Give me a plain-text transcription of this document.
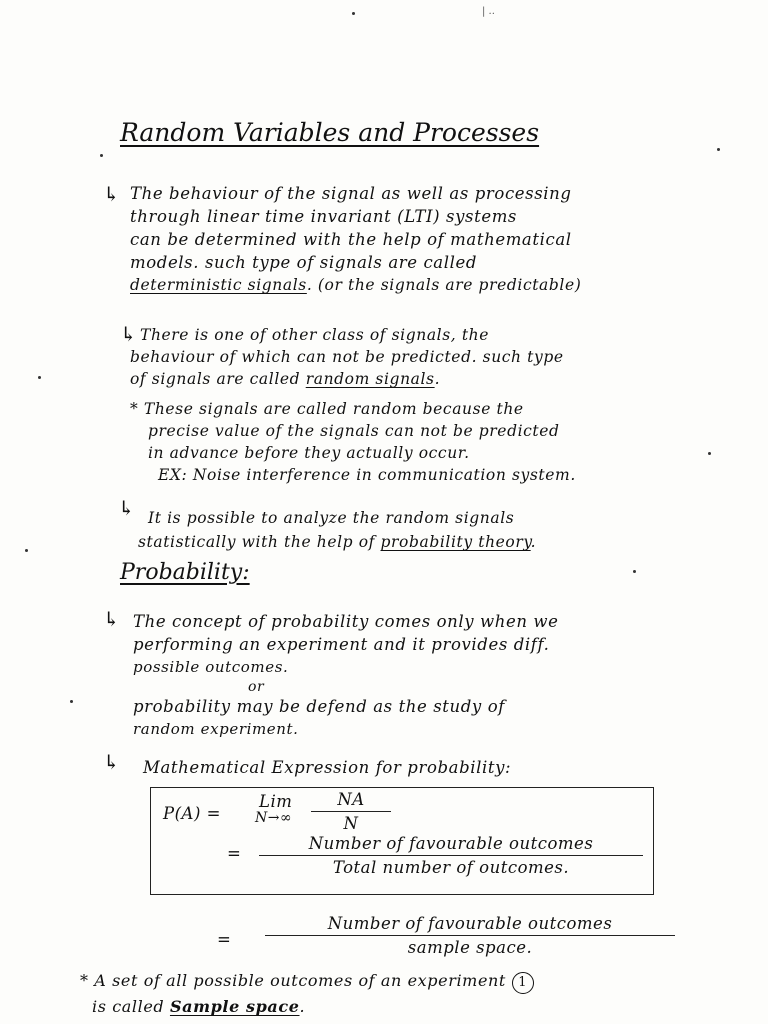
| ..
Random Variables and Processes
↳ The behaviour of the signal as well as processing
through linear time invariant (LTI) systems
can be determined with the help of mathematical
models. such type of signals are called
deterministic signals. (or the signals are predictable)
↳ There is one of other class of signals, the
behaviour of which can not be predicted. such type
of signals are called random signals.
* These signals are called random because the
precise value of the signals can not be predicted
in advance before they actually occur.
EX: Noise interference in communication system.
↳ It is possible to analyze the random signals
statistically with the help of probability theory.
Probability:
↳ The concept of probability comes only when we
performing an experiment and it provides diff.
possible outcomes.
or
probability may be defend as the study of
random experiment.
↳ Mathematical Expression for probability:
P(A) =
Lim
$N\to\infty \frac{NA}{N}$
=
Number of favourable outcomes
Total number of outcomes.
=
Number of favourable outcomes
sample space.
* A set of all possible outcomes of an experiment 1
is called Sample space.
